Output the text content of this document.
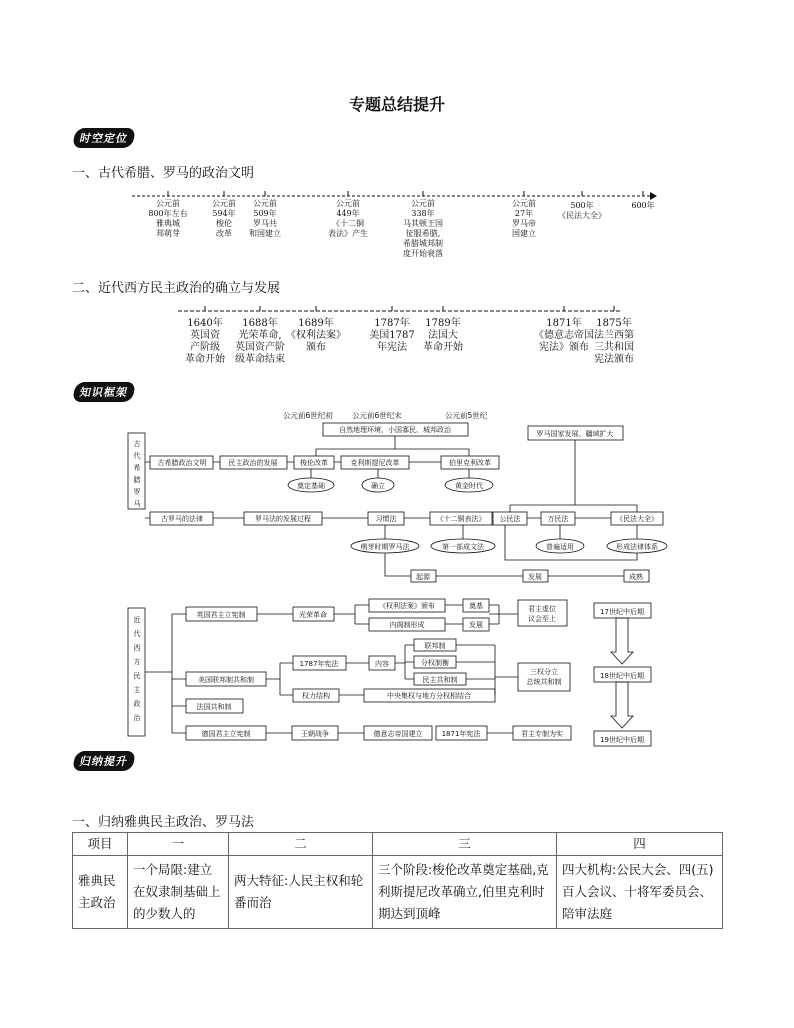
专题总结提升
时空定位
知识框架
归纳提升
一、古代希腊、罗马的政治文明
公元前
800年左右
雅典城
邦萌芽
公元前
594年
梭伦
改革
公元前
509年
罗马共
和国建立
公元前
449年
《十二铜
表法》产生
公元前
338年
马其顿王国
征服希腊,
希腊城邦制
度开始衰落
公元前
27年
罗马帝
国建立
500年
《民法大全》
600年
二、近代西方民主政治的确立与发展
1640年
英国资
产阶级
革命开始
1688年
光荣革命,
英国资产阶
级革命结束
1689年
《权利法案》
颁布
1787年
美国1787
年宪法
1789年
法国大
革命开始
1871年
《德意志帝国
宪法》颁布
1875年
法兰西第
三共和国
宪法颁布
公元前6世纪初	公元前6世纪末	公元前5世纪
自然地理环境、小国寡民、城邦政治	罗马国家发展、疆域扩大
古希腊政治文明	民主政治的发展	梭伦改革	克利斯提尼改革	伯里克利改革
奠定基础	确立	黄金时代
古罗马的法律	罗马法的发展过程	习惯法	《十二铜表法》 公民法	万民法	《民法大全》
萌芽时期罗马法	第一部成文法	普遍适用	形成法律体系
起源	发展	成熟
英国君主立宪制	光荣革命
《权利法案》颁布
内阁制形成
奠基
发展
美国联邦制共和制
1787年宪法	内容
联邦制
分权制衡
民主共和制
权力结构	中央集权与地方分权相结合
法国共和制
德国君主立宪制	王朝战争	德意志帝国建立	1871年宪法	君主专制为实
17世纪中后期
18世纪中后期
19世纪中后期
古
代
希
腊
罗
马
近
代
西
方
民
主
政
治
君主虚位
议会至上
三权分立
总统共和制
一、归纳雅典民主政治、罗马法
项目	一	二	三	四
雅典民主政治	一个局限:建立在奴隶制基础上的少数人的	两大特征:人民主权和轮番而治	三个阶段:梭伦改革奠定基础,克利斯提尼改革确立,伯里克利时期达到顶峰	四大机构:公民大会、四(五)百人会议、十将军委员会、陪审法庭
